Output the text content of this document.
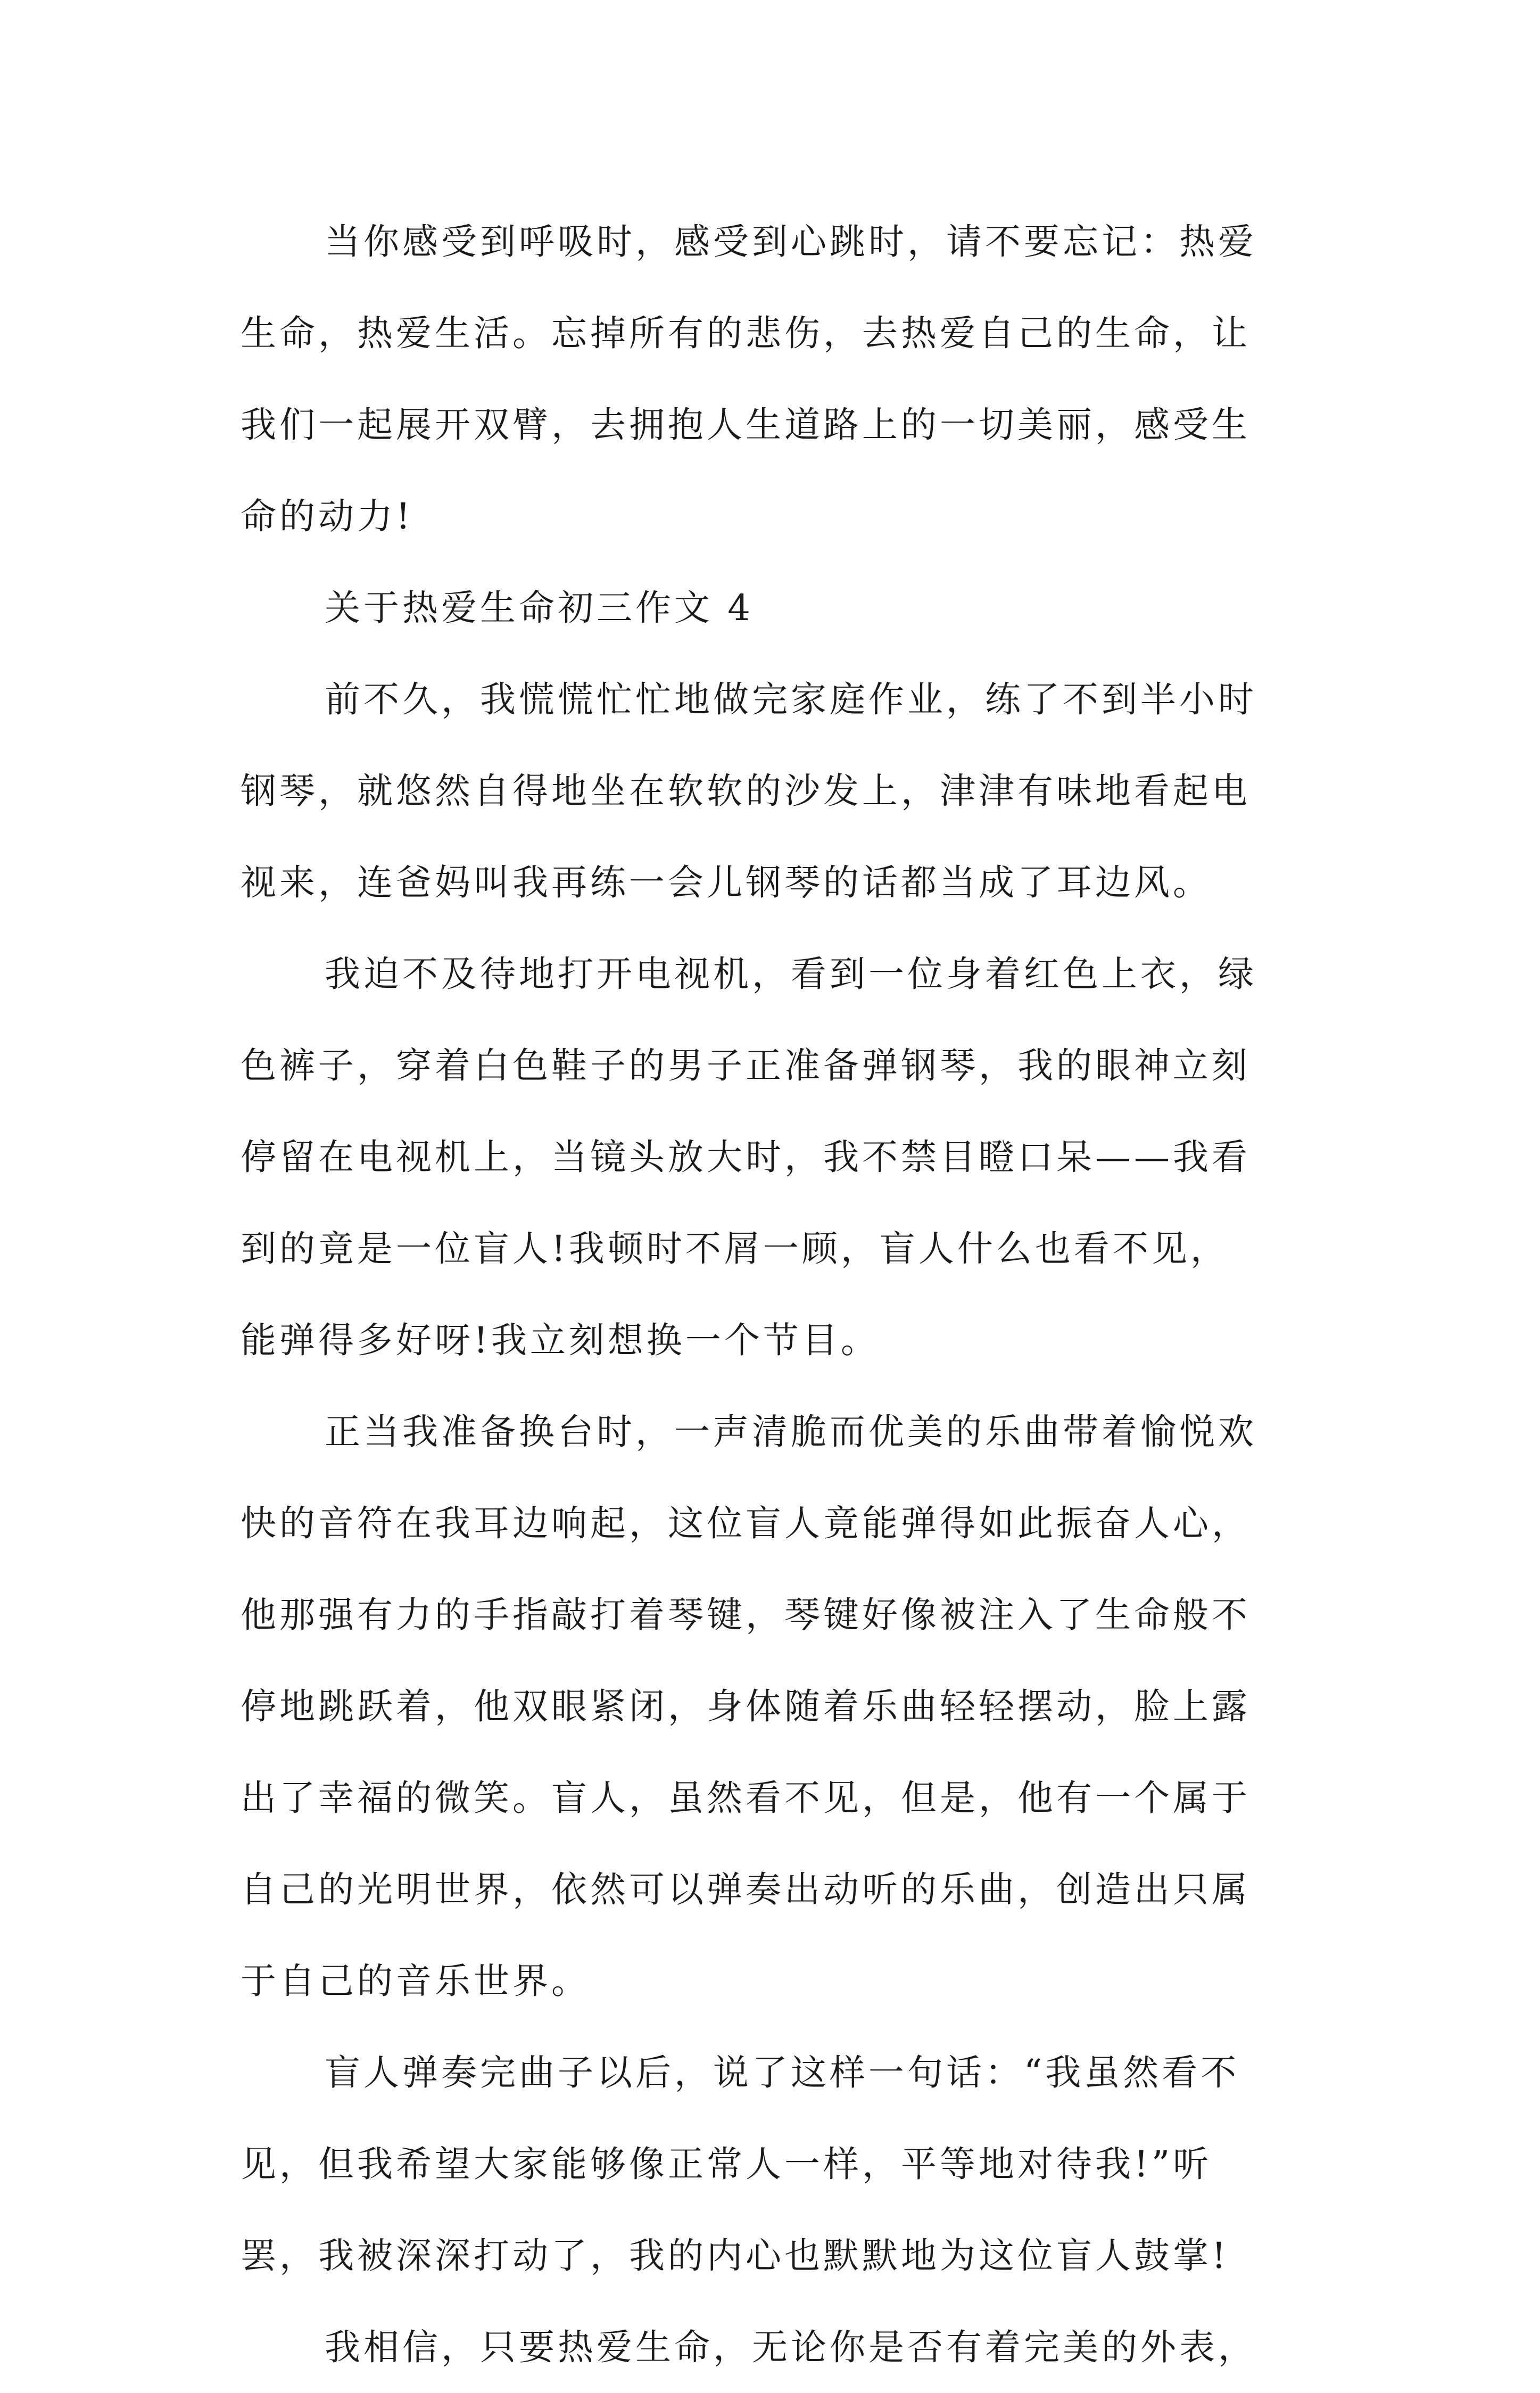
当你感受到呼吸时，感受到心跳时，请不要忘记：热爱
生命，热爱生活。忘掉所有的悲伤，去热爱自己的生命，让
我们一起展开双臂，去拥抱人生道路上的一切美丽，感受生
命的动力!
关于热爱生命初三作文 4
前不久，我慌慌忙忙地做完家庭作业，练了不到半小时
钢琴，就悠然自得地坐在软软的沙发上，津津有味地看起电
视来，连爸妈叫我再练一会儿钢琴的话都当成了耳边风。
我迫不及待地打开电视机，看到一位身着红色上衣，绿
色裤子，穿着白色鞋子的男子正准备弹钢琴，我的眼神立刻
停留在电视机上，当镜头放大时，我不禁目瞪口呆——我看
到的竟是一位盲人!我顿时不屑一顾，盲人什么也看不见，
能弹得多好呀!我立刻想换一个节目。
正当我准备换台时，一声清脆而优美的乐曲带着愉悦欢
快的音符在我耳边响起，这位盲人竟能弹得如此振奋人心，
他那强有力的手指敲打着琴键，琴键好像被注入了生命般不
停地跳跃着，他双眼紧闭，身体随着乐曲轻轻摆动，脸上露
出了幸福的微笑。盲人，虽然看不见，但是，他有一个属于
自己的光明世界，依然可以弹奏出动听的乐曲，创造出只属
于自己的音乐世界。
盲人弹奏完曲子以后，说了这样一句话：“我虽然看不
见，但我希望大家能够像正常人一样，平等地对待我!”听
罢，我被深深打动了，我的内心也默默地为这位盲人鼓掌!
我相信，只要热爱生命，无论你是否有着完美的外表，
